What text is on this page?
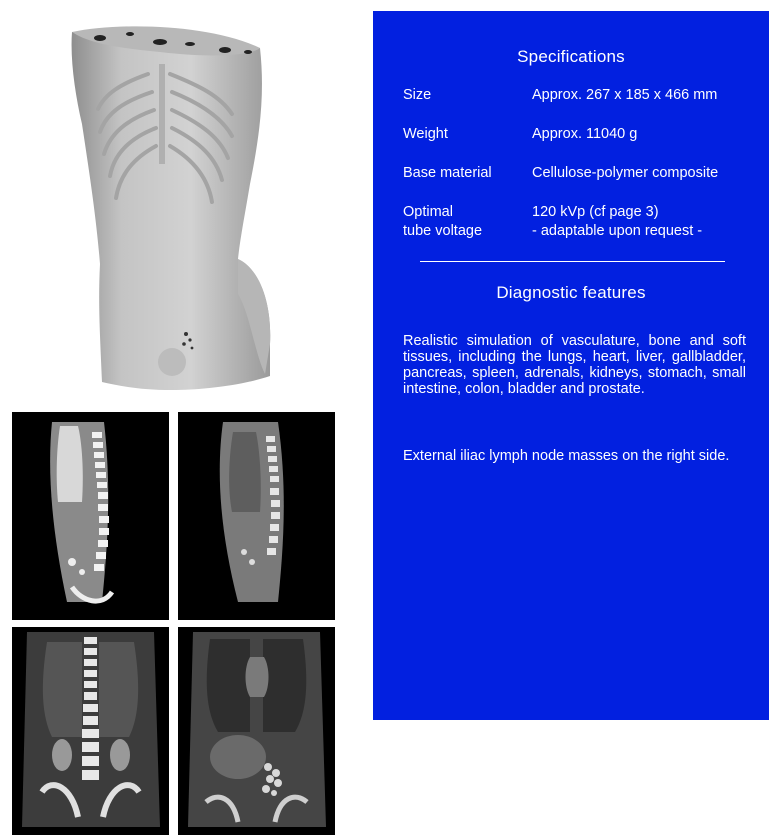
Specifications
Size	Approx. 267 x 185 x 466 mm
Weight	Approx. 11040 g
Base material	Cellulose-polymer composite
Optimal	120 kVp (cf page 3)
tube voltage	- adaptable upon request -
Diagnostic features

Realistic simulation of vasculature, bone and soft tissues, including the lungs, heart, liver, gallbladder, pancreas, spleen, adrenals, kidneys, stomach, small intestine, colon, bladder and prostate.

External iliac lymph node masses on the right side.
